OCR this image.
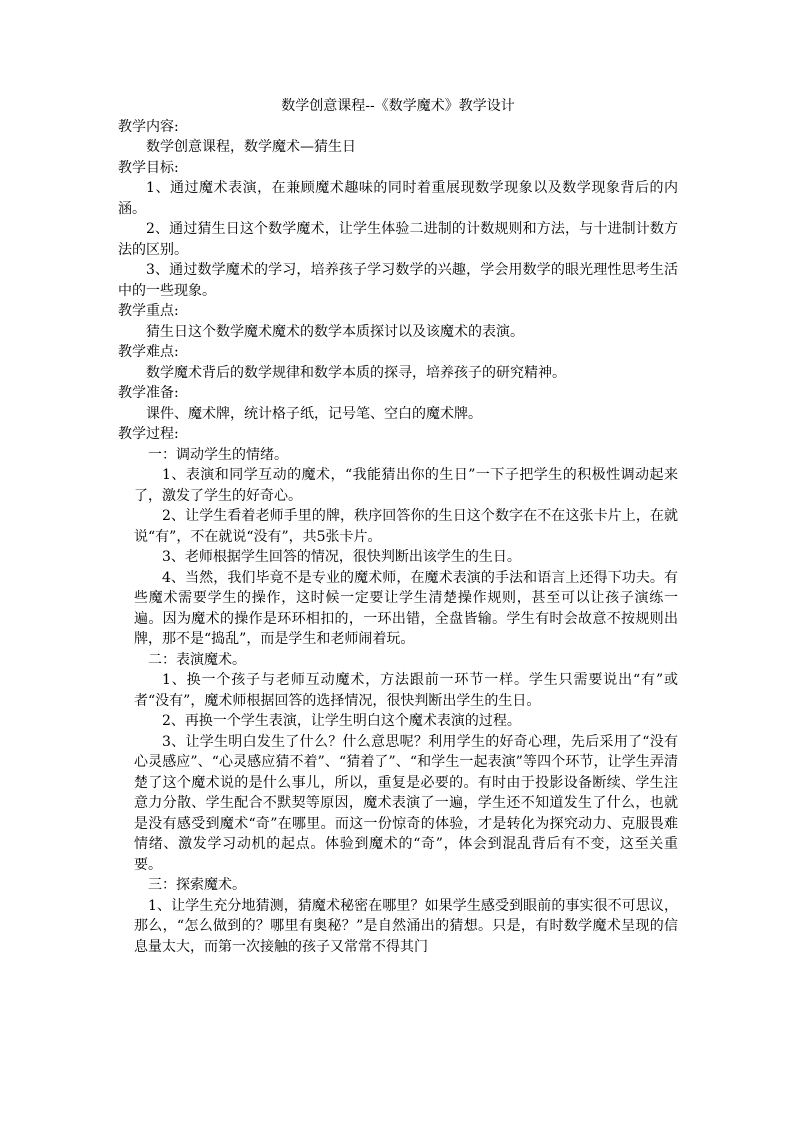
数学创意课程--《数学魔术》教学设计

教学内容:

数学创意课程，数学魔术—猜生日

教学目标:

1、通过魔术表演，在兼顾魔术趣味的同时着重展现数学现象以及数学现象背后的内涵。

2、通过猜生日这个数学魔术，让学生体验二进制的计数规则和方法，与十进制计数方法的区别。

3、通过数学魔术的学习，培养孩子学习数学的兴趣，学会用数学的眼光理性思考生活中的一些现象。

教学重点:

猜生日这个数学魔术魔术的数学本质探讨以及该魔术的表演。

教学难点:

数学魔术背后的数学规律和数学本质的探寻，培养孩子的研究精神。

教学准备:

课件、魔术牌，统计格子纸，记号笔、空白的魔术牌。

教学过程:

一：调动学生的情绪。

1、表演和同学互动的魔术，“我能猜出你的生日”一下子把学生的积极性调动起来了，激发了学生的好奇心。

2、让学生看着老师手里的牌，秩序回答你的生日这个数字在不在这张卡片上，在就说“有”，不在就说“没有”，共5张卡片。

3、老师根据学生回答的情况，很快判断出该学生的生日。

4、当然，我们毕竟不是专业的魔术师，在魔术表演的手法和语言上还得下功夫。有些魔术需要学生的操作，这时候一定要让学生清楚操作规则，甚至可以让孩子演练一遍。因为魔术的操作是环环相扣的，一环出错，全盘皆输。学生有时会故意不按规则出牌，那不是“捣乱”，而是学生和老师闹着玩。

二：表演魔术。

1、换一个孩子与老师互动魔术，方法跟前一环节一样。学生只需要说出“有”或者“没有”，魔术师根据回答的选择情况，很快判断出学生的生日。

2、再换一个学生表演，让学生明白这个魔术表演的过程。

3、让学生明白发生了什么？什么意思呢？利用学生的好奇心理，先后采用了“没有心灵感应”、“心灵感应猜不着”、“猜着了”、“和学生一起表演”等四个环节，让学生弄清楚了这个魔术说的是什么事儿，所以，重复是必要的。有时由于投影设备断续、学生注意力分散、学生配合不默契等原因，魔术表演了一遍，学生还不知道发生了什么，也就是没有感受到魔术“奇”在哪里。而这一份惊奇的体验，才是转化为探究动力、克服畏难情绪、激发学习动机的起点。体验到魔术的“奇”，体会到混乱背后有不变，这至关重要。

三：探索魔术。

1、让学生充分地猜测，猜魔术秘密在哪里？如果学生感受到眼前的事实很不可思议，那么，“怎么做到的？哪里有奥秘？”是自然涌出的猜想。只是，有时数学魔术呈现的信息量太大，而第一次接触的孩子又常常不得其门
